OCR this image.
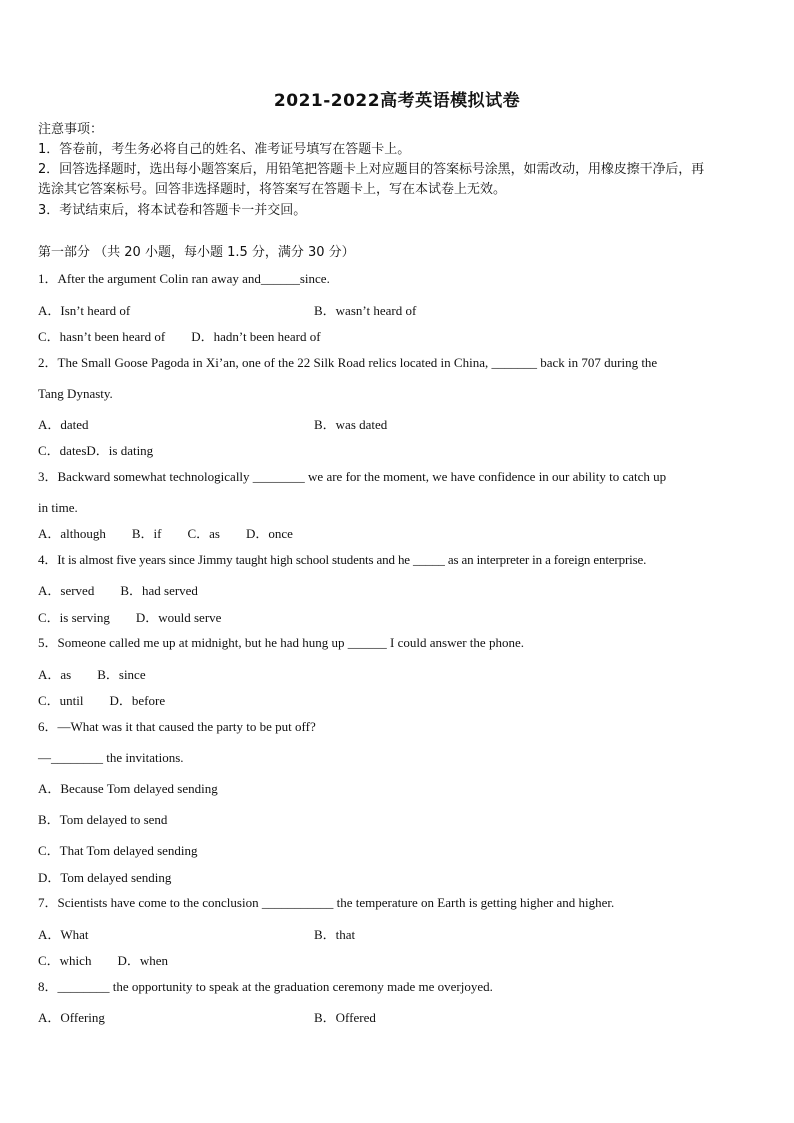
2021-2022高考英语模拟试卷
注意事项：
1．答卷前，考生务必将自己的姓名、准考证号填写在答题卡上。
2．回答选择题时，选出每小题答案后，用铅笔把答题卡上对应题目的答案标号涂黑，如需改动，用橡皮擦干净后，再
选涂其它答案标号。回答非选择题时，将答案写在答题卡上，写在本试卷上无效。
3．考试结束后，将本试卷和答题卡一并交回。
第一部分 （共 20 小题，每小题 1.5 分，满分 30 分）
1．After the argument Colin ran away and______since.
A．Isn’t heard of	B．wasn’t heard of
C．hasn’t been heard of　　D．hadn’t been heard of
2．The Small Goose Pagoda in Xi’an, one of the 22 Silk Road relics located in China, _______ back in 707 during the
Tang Dynasty.
A．dated	B．was dated
C．datesD．is dating
3．Backward somewhat technologically ________ we are for the moment, we have confidence in our ability to catch up
in time.
A．although　　B．if　　C．as　　D．once
4．It is almost five years since Jimmy taught high school students and he _____ as an interpreter in a foreign enterprise.
A．served　　B．had served
C．is serving　　D．would serve
5．Someone called me up at midnight, but he had hung up ______ I could answer the phone.
A．as　　B．since
C．until　　D．before
6．—What was it that caused the party to be put off?
—________ the invitations.
A．Because Tom delayed sending
B．Tom delayed to send
C．That Tom delayed sending
D．Tom delayed sending
7．Scientists have come to the conclusion ___________ the temperature on Earth is getting higher and higher.
A．What	B．that
C．which　　D．when
8．________ the opportunity to speak at the graduation ceremony made me overjoyed.
A．Offering	B．Offered
